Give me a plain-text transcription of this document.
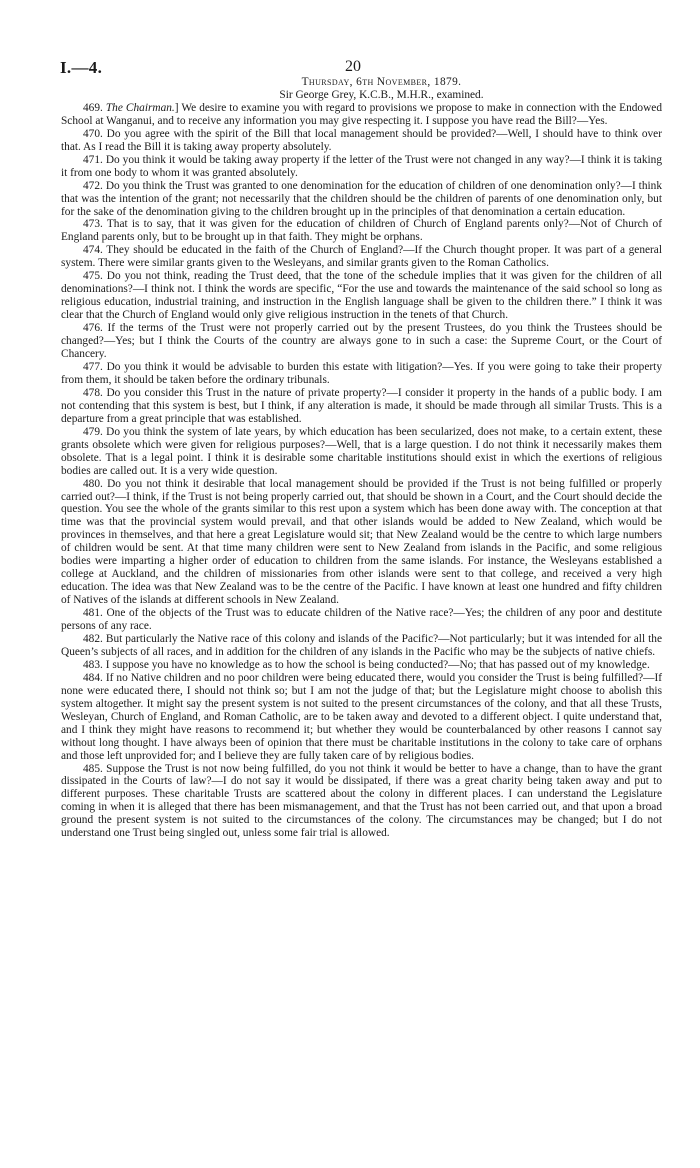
I.—4.	20

Thursday, 6th November, 1879.

Sir George Grey, K.C.B., M.H.R., examined.

469. The Chairman.] We desire to examine you with regard to provisions we propose to make in connection with the Endowed School at Wanganui, and to receive any information you may give respecting it. I suppose you have read the Bill?—Yes.

470. Do you agree with the spirit of the Bill that local management should be provided?—Well, I should have to think over that. As I read the Bill it is taking away property absolutely.

471. Do you think it would be taking away property if the letter of the Trust were not changed in any way?—I think it is taking it from one body to whom it was granted absolutely.

472. Do you think the Trust was granted to one denomination for the education of children of one denomination only?—I think that was the intention of the grant; not necessarily that the children should be the children of parents of one denomination only, but for the sake of the denomination giving to the children brought up in the principles of that denomination a certain education.

473. That is to say, that it was given for the education of children of Church of England parents only?—Not of Church of England parents only, but to be brought up in that faith. They might be orphans.

474. They should be educated in the faith of the Church of England?—If the Church thought proper. It was part of a general system. There were similar grants given to the Wesleyans, and similar grants given to the Roman Catholics.

475. Do you not think, reading the Trust deed, that the tone of the schedule implies that it was given for the children of all denominations?—I think not. I think the words are specific, “For the use and towards the maintenance of the said school so long as religious education, industrial training, and instruction in the English language shall be given to the children there.” I think it was clear that the Church of England would only give religious instruction in the tenets of that Church.

476. If the terms of the Trust were not properly carried out by the present Trustees, do you think the Trustees should be changed?—Yes; but I think the Courts of the country are always gone to in such a case: the Supreme Court, or the Court of Chancery.

477. Do you think it would be advisable to burden this estate with litigation?—Yes. If you were going to take their property from them, it should be taken before the ordinary tribunals.

478. Do you consider this Trust in the nature of private property?—I consider it property in the hands of a public body. I am not contending that this system is best, but I think, if any alteration is made, it should be made through all similar Trusts. This is a departure from a great principle that was established.

479. Do you think the system of late years, by which education has been secularized, does not make, to a certain extent, these grants obsolete which were given for religious purposes?—Well, that is a large question. I do not think it necessarily makes them obsolete. That is a legal point. I think it is desirable some charitable institutions should exist in which the exertions of religious bodies are called out. It is a very wide question.

480. Do you not think it desirable that local management should be provided if the Trust is not being fulfilled or properly carried out?—I think, if the Trust is not being properly carried out, that should be shown in a Court, and the Court should decide the question. You see the whole of the grants similar to this rest upon a system which has been done away with. The conception at that time was that the provincial system would prevail, and that other islands would be added to New Zealand, which would be provinces in themselves, and that here a great Legislature would sit; that New Zealand would be the centre to which large numbers of children would be sent. At that time many children were sent to New Zealand from islands in the Pacific, and some religious bodies were imparting a higher order of education to children from the same islands. For instance, the Wesleyans established a college at Auckland, and the children of missionaries from other islands were sent to that college, and received a very high education. The idea was that New Zealand was to be the centre of the Pacific. I have known at least one hundred and fifty children of Natives of the islands at different schools in New Zealand.

481. One of the objects of the Trust was to educate children of the Native race?—Yes; the children of any poor and destitute persons of any race.

482. But particularly the Native race of this colony and islands of the Pacific?—Not particularly; but it was intended for all the Queen’s subjects of all races, and in addition for the children of any islands in the Pacific who may be the subjects of native chiefs.

483. I suppose you have no knowledge as to how the school is being conducted?—No; that has passed out of my knowledge.

484. If no Native children and no poor children were being educated there, would you consider the Trust is being fulfilled?—If none were educated there, I should not think so; but I am not the judge of that; but the Legislature might choose to abolish this system altogether. It might say the present system is not suited to the present circumstances of the colony, and that all these Trusts, Wesleyan, Church of England, and Roman Catholic, are to be taken away and devoted to a different object. I quite understand that, and I think they might have reasons to recommend it; but whether they would be counterbalanced by other reasons I cannot say without long thought. I have always been of opinion that there must be charitable institutions in the colony to take care of orphans and those left unprovided for; and I believe they are fully taken care of by religious bodies.

485. Suppose the Trust is not now being fulfilled, do you not think it would be better to have a change, than to have the grant dissipated in the Courts of law?—I do not say it would be dissipated, if there was a great charity being taken away and put to different purposes. These charitable Trusts are scattered about the colony in different places. I can understand the Legislature coming in when it is alleged that there has been mismanagement, and that the Trust has not been carried out, and that upon a broad ground the present system is not suited to the circumstances of the colony. The circumstances may be changed; but I do not understand one Trust being singled out, unless some fair trial is allowed.
